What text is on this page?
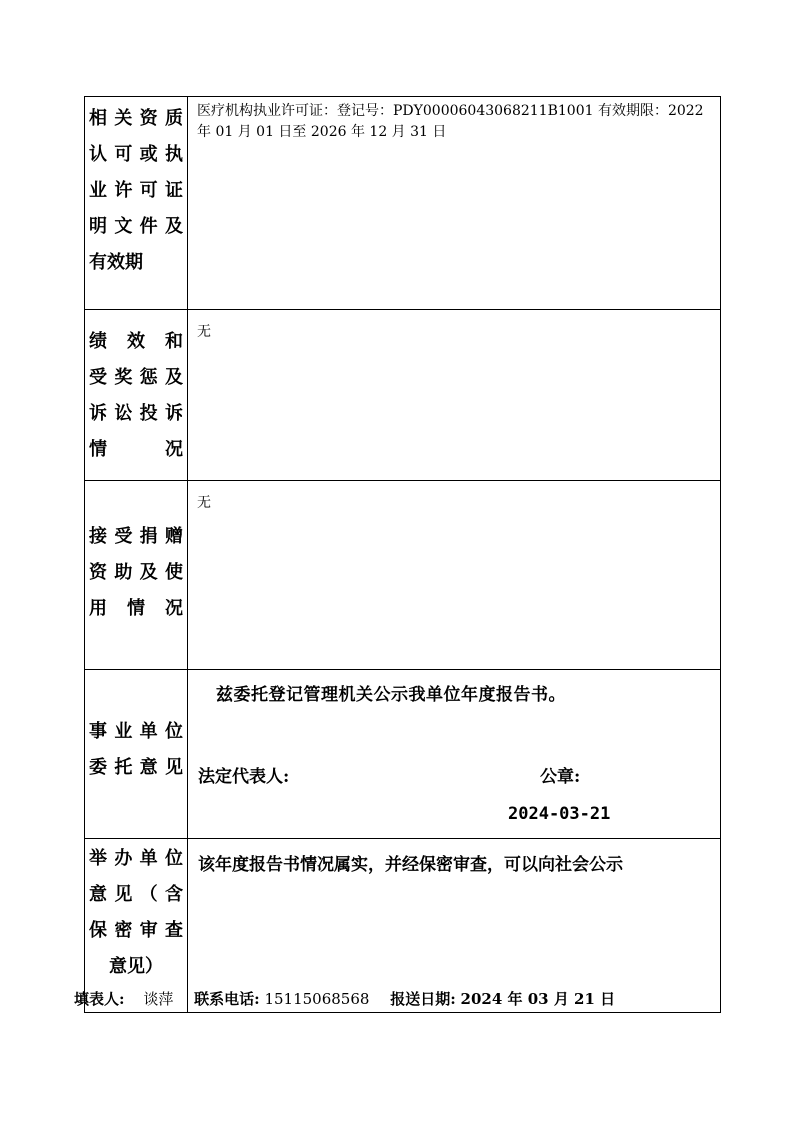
相关资质
认可或执
业许可证
明文件及
有效期	医疗机构执业许可证：登记号：PDY00006043068211B1001 有效期限：2022 年 01 月 01 日至 2026 年 12 月 31 日

绩 效 和
受奖惩及
诉讼投诉
情 况	无

接受捐赠
资助及使
用 情 况	无

事业单位
委托意见	兹委托登记管理机关公示我单位年度报告书。
法定代表人: 公章:
2024-03-21

举办单位
意见（含
保密审查
意见）	该年度报告书情况属实，并经保密审查，可以向社会公示
填表人: 谈萍 联系电话: 15115068568 报送日期: 2024 年 03 月 21 日
